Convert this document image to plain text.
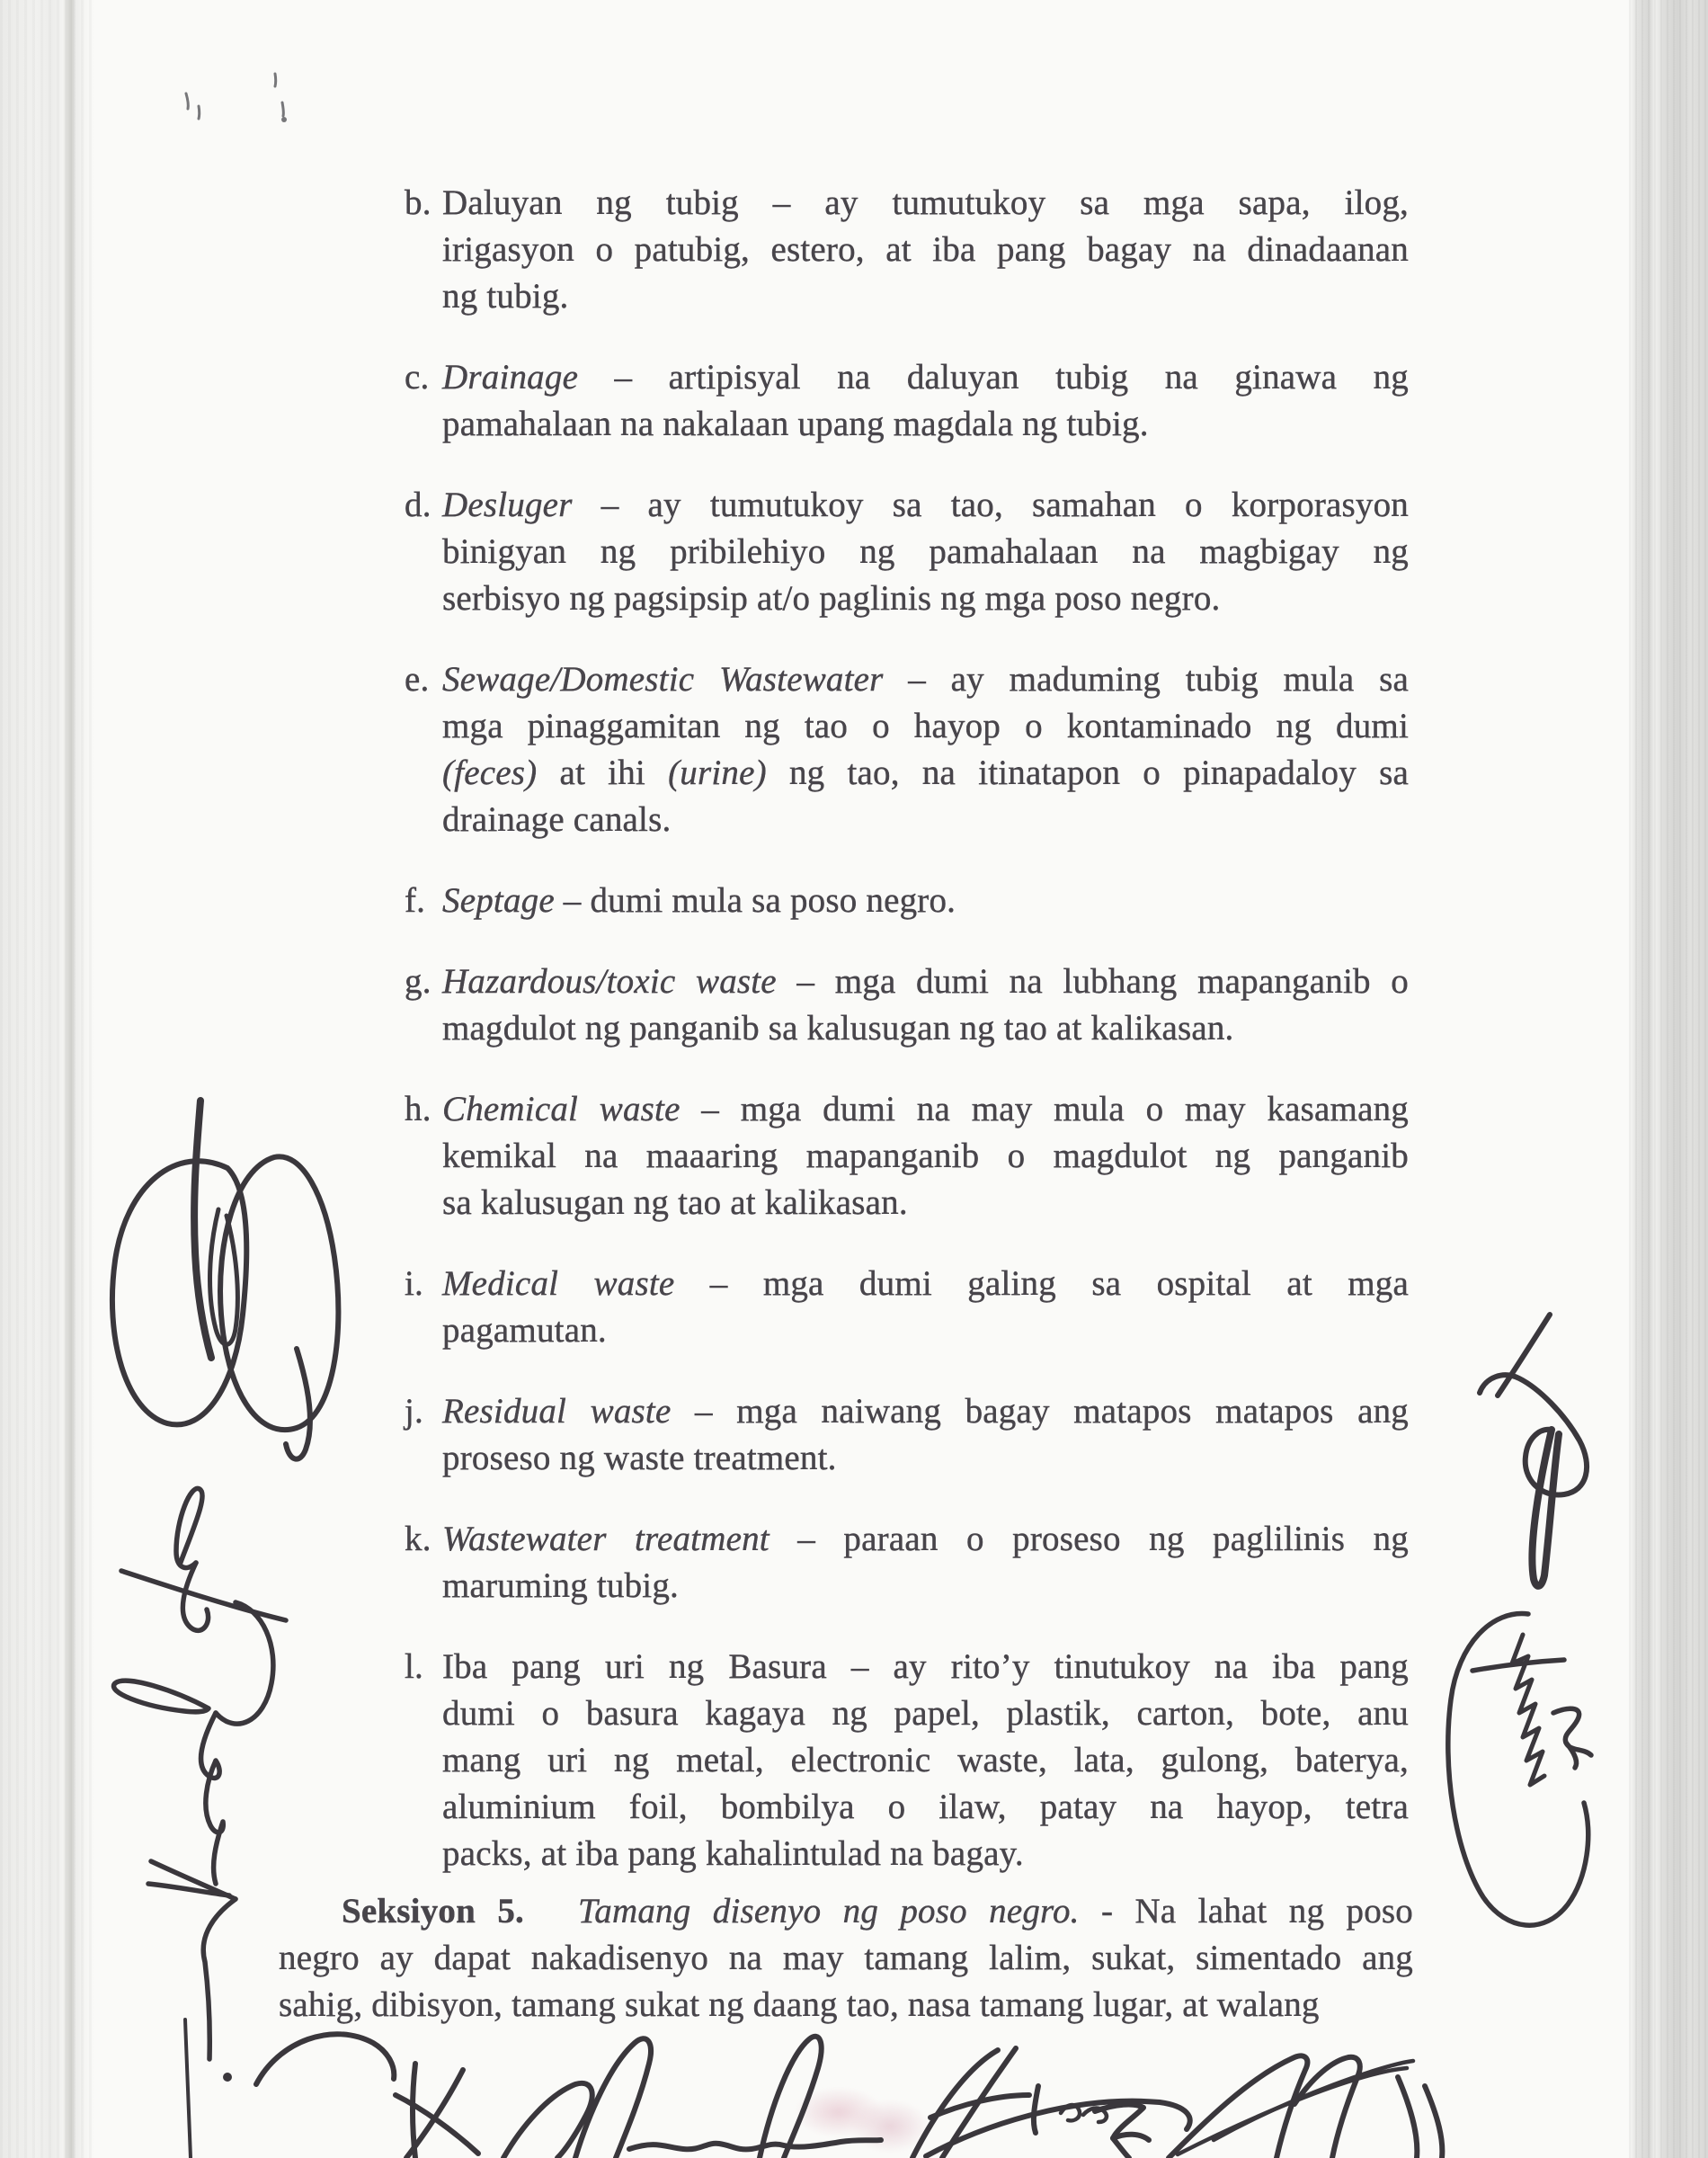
b. Daluyan ng tubig – ay tumutukoy sa mga sapa, ilog,
irigasyon o patubig, estero, at iba pang bagay na dinadaanan
ng tubig.
c. Drainage – artipisyal na daluyan tubig na ginawa ng
pamahalaan na nakalaan upang magdala ng tubig.
d. Desluger – ay tumutukoy sa tao, samahan o korporasyon
binigyan ng pribilehiyo ng pamahalaan na magbigay ng
serbisyo ng pagsipsip at/o paglinis ng mga poso negro.
e. Sewage/Domestic Wastewater – ay maduming tubig mula sa
mga pinaggamitan ng tao o hayop o kontaminado ng dumi
(feces) at ihi (urine) ng tao, na itinatapon o pinapadaloy sa
drainage canals.
f. Septage – dumi mula sa poso negro.
g. Hazardous/toxic waste – mga dumi na lubhang mapanganib o
magdulot ng panganib sa kalusugan ng tao at kalikasan.
h. Chemical waste – mga dumi na may mula o may kasamang
kemikal na maaaring mapanganib o magdulot ng panganib
sa kalusugan ng tao at kalikasan.
i. Medical waste – mga dumi galing sa ospital at mga
pagamutan.
j. Residual waste – mga naiwang bagay matapos matapos ang
proseso ng waste treatment.
k. Wastewater treatment – paraan o proseso ng paglilinis ng
maruming tubig.
l. Iba pang uri ng Basura – ay rito’y tinutukoy na iba pang
dumi o basura kagaya ng papel, plastik, carton, bote, anu
mang uri ng metal, electronic waste, lata, gulong, baterya,
aluminium foil, bombilya o ilaw, patay na hayop, tetra
packs, at iba pang kahalintulad na bagay.
Seksiyon 5. Tamang disenyo ng poso negro. - Na lahat ng poso
negro ay dapat nakadisenyo na may tamang lalim, sukat, simentado ang
sahig, dibisyon, tamang sukat ng daang tao, nasa tamang lugar, at walang
